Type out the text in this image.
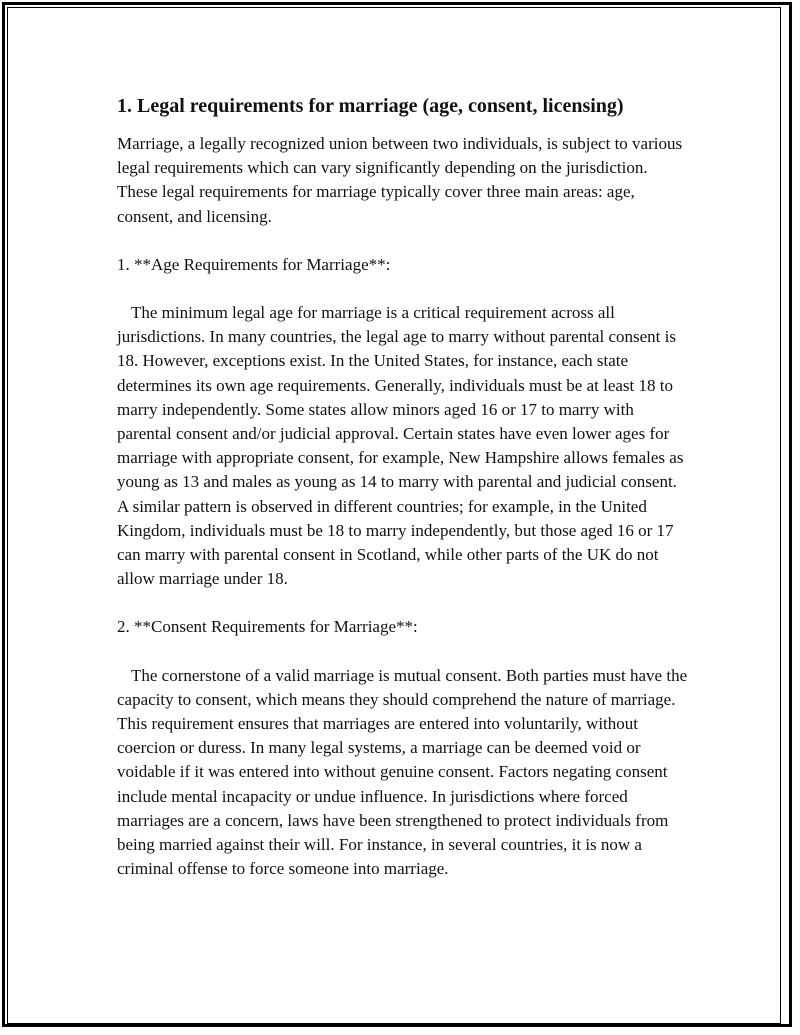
1. Legal requirements for marriage (age, consent, licensing)

Marriage, a legally recognized union between two individuals, is subject to various legal requirements which can vary significantly depending on the jurisdiction. These legal requirements for marriage typically cover three main areas: age, consent, and licensing.

1. **Age Requirements for Marriage**:

The minimum legal age for marriage is a critical requirement across all jurisdictions. In many countries, the legal age to marry without parental consent is 18. However, exceptions exist. In the United States, for instance, each state determines its own age requirements. Generally, individuals must be at least 18 to marry independently. Some states allow minors aged 16 or 17 to marry with parental consent and/or judicial approval. Certain states have even lower ages for marriage with appropriate consent, for example, New Hampshire allows females as young as 13 and males as young as 14 to marry with parental and judicial consent. A similar pattern is observed in different countries; for example, in the United Kingdom, individuals must be 18 to marry independently, but those aged 16 or 17 can marry with parental consent in Scotland, while other parts of the UK do not allow marriage under 18.

2. **Consent Requirements for Marriage**:

The cornerstone of a valid marriage is mutual consent. Both parties must have the capacity to consent, which means they should comprehend the nature of marriage. This requirement ensures that marriages are entered into voluntarily, without coercion or duress. In many legal systems, a marriage can be deemed void or voidable if it was entered into without genuine consent. Factors negating consent include mental incapacity or undue influence. In jurisdictions where forced marriages are a concern, laws have been strengthened to protect individuals from being married against their will. For instance, in several countries, it is now a criminal offense to force someone into marriage.
